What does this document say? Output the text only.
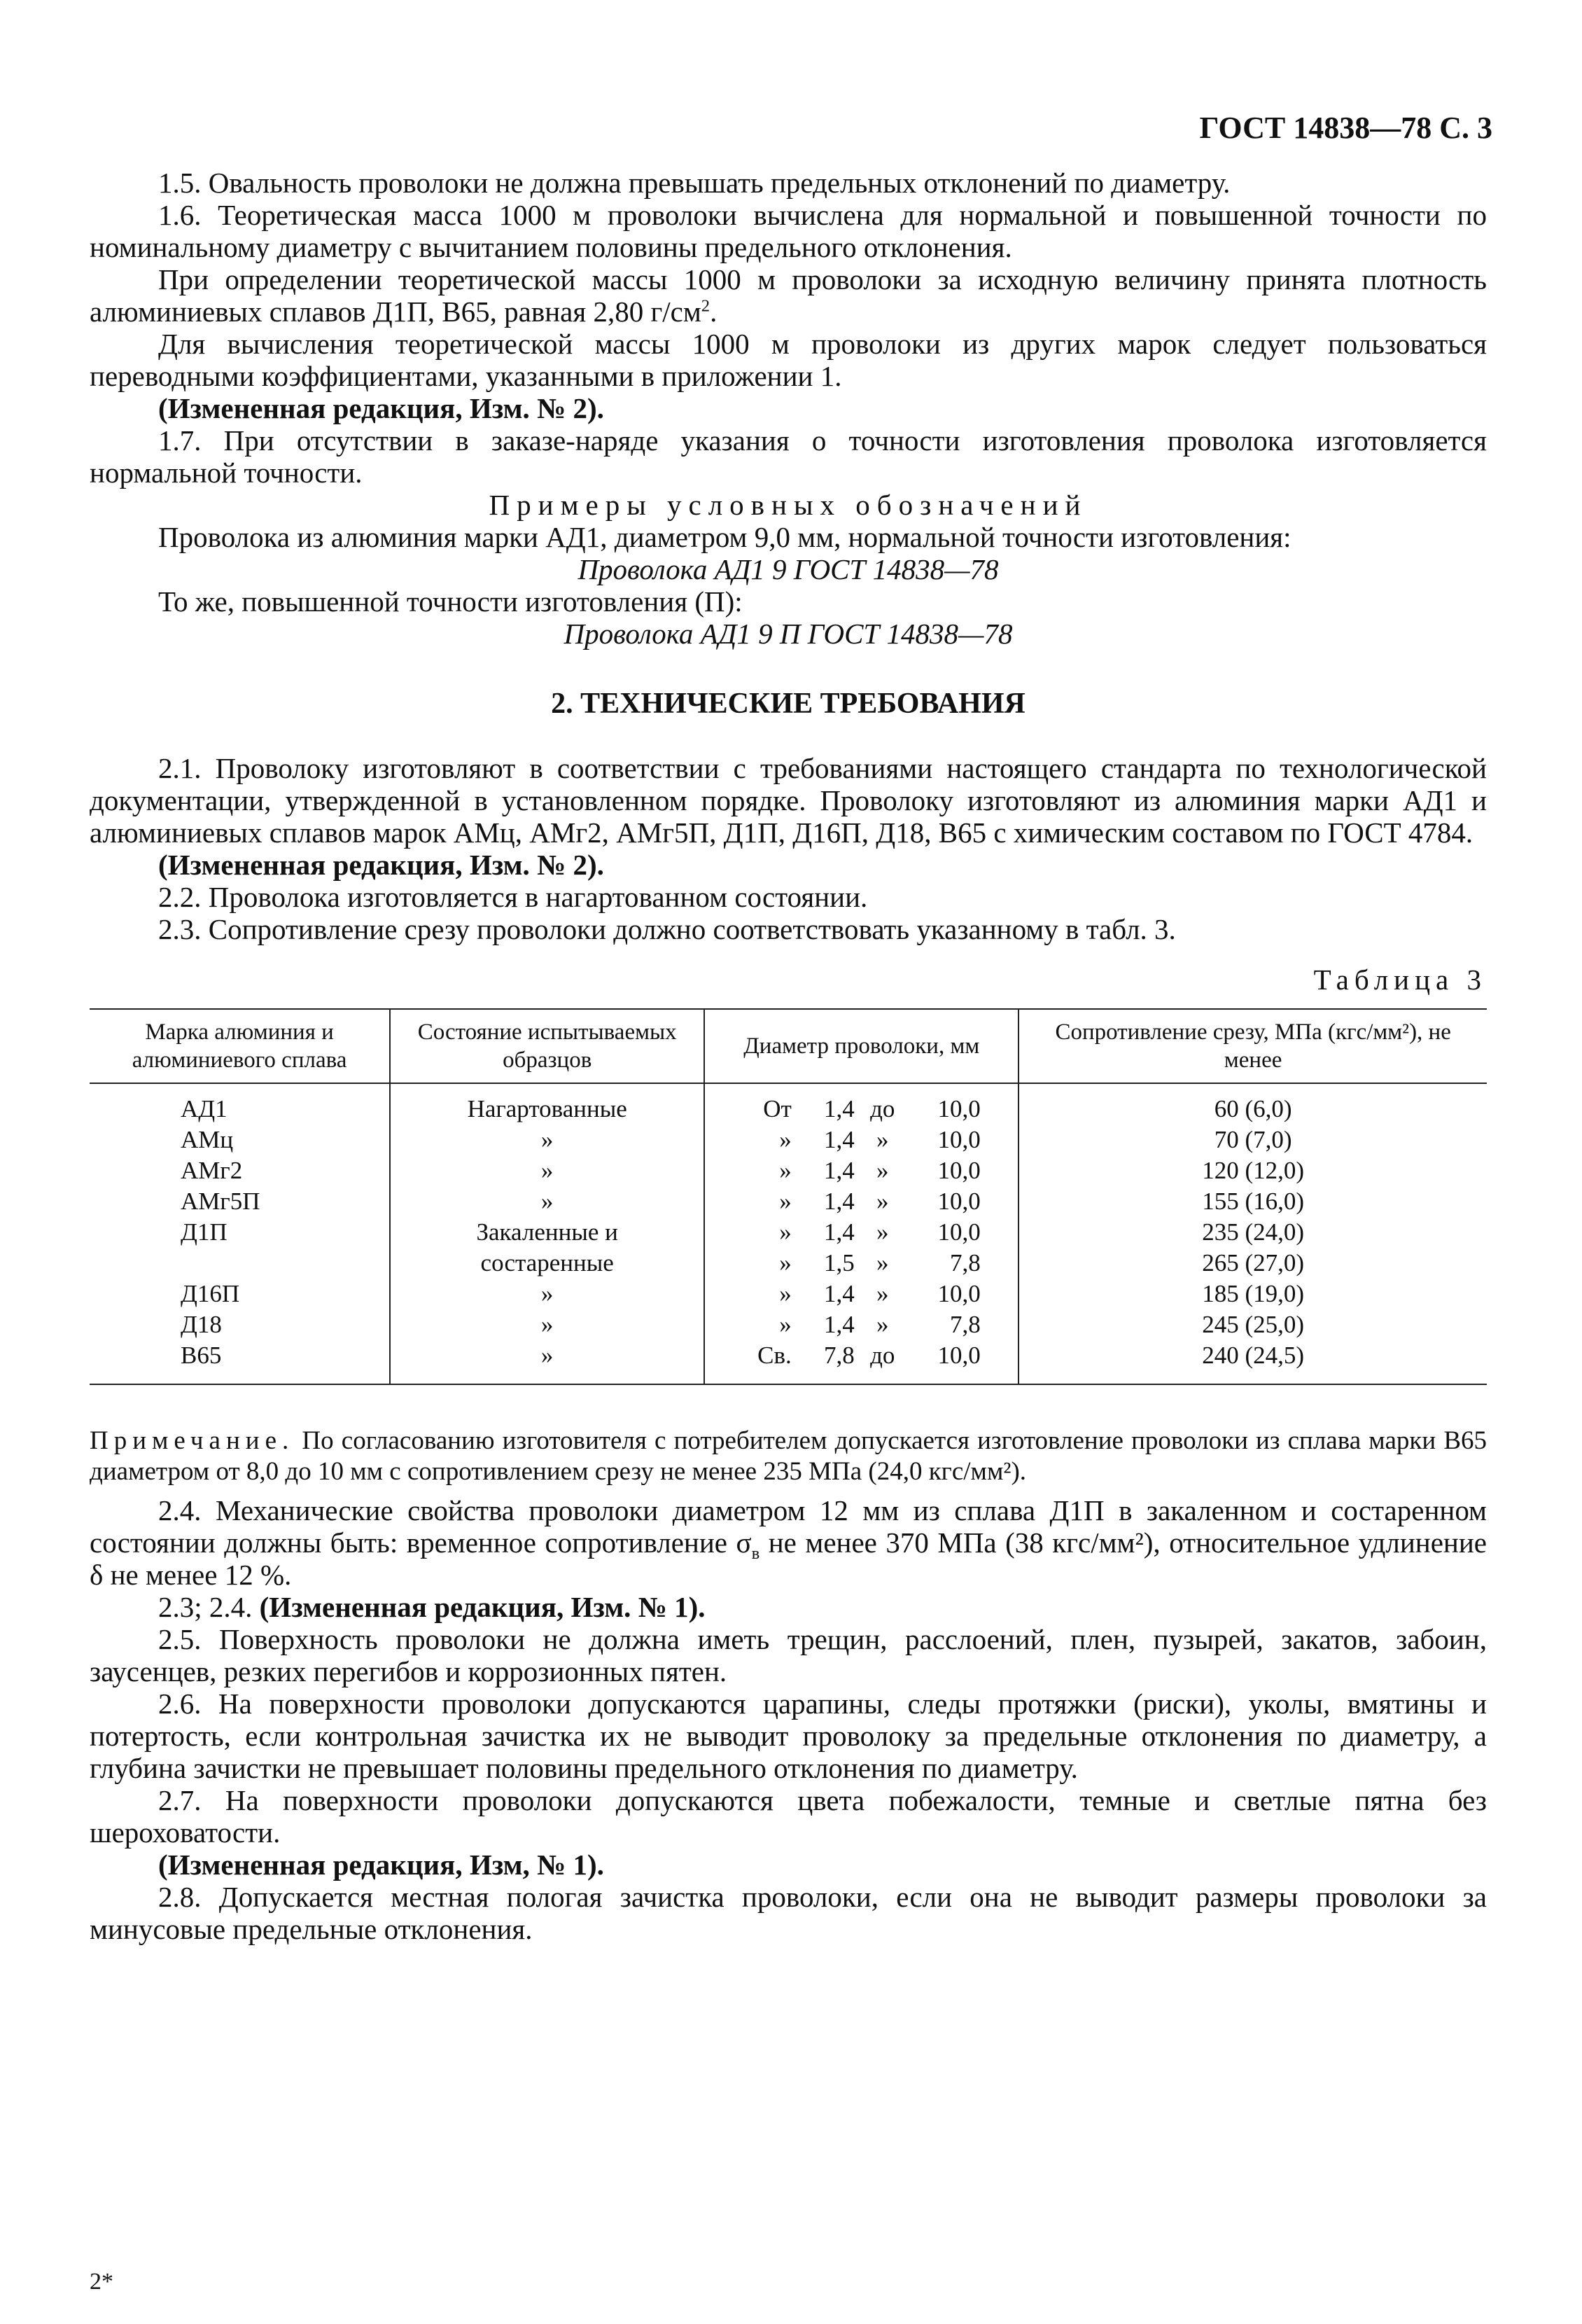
ГОСТ 14838—78 С. 3

1.5. Овальность проволоки не должна превышать предельных отклонений по диаметру.

1.6. Теоретическая масса 1000 м проволоки вычислена для нормальной и повышенной точности по номинальному диаметру с вычитанием половины предельного отклонения.

При определении теоретической массы 1000 м проволоки за исходную величину принята плотность алюминиевых сплавов Д1П, В65, равная 2,80 $г/см^2$.

Для вычисления теоретической массы 1000 м проволоки из других марок следует пользоваться переводными коэффициентами, указанными в приложении 1.

(Измененная редакция, Изм. № 2).

1.7. При отсутствии в заказе-наряде указания о точности изготовления проволока изготовляется нормальной точности.

Примеры условных обозначений

Проволока из алюминия марки АД1, диаметром 9,0 мм, нормальной точности изготовления:

Проволока АД1 9 ГОСТ 14838—78

То же, повышенной точности изготовления (П):

Проволока АД1 9 П ГОСТ 14838—78

2. ТЕХНИЧЕСКИЕ ТРЕБОВАНИЯ

2.1. Проволоку изготовляют в соответствии с требованиями настоящего стандарта по технологической документации, утвержденной в установленном порядке. Проволоку изготовляют из алюминия марки АД1 и алюминиевых сплавов марок АМц, АМг2, АМг5П, Д1П, Д16П, Д18, В65 с химическим составом по ГОСТ 4784.

(Измененная редакция, Изм. № 2).

2.2. Проволока изготовляется в нагартованном состоянии.

2.3. Сопротивление срезу проволоки должно соответствовать указанному в табл. 3.

Таблица 3
Марка алюминия и алюминиевого сплава	Состояние испытываемых образцов	Диаметр проволоки, мм	Сопротивление срезу, МПа (кгс/мм²), не менее
АД1	Нагартованные	От 1,4 до 10,0	60 (6,0)
АМц	»	» 1,4 » 10,0	70 (7,0)
АМг2	»	» 1,4 » 10,0	120 (12,0)
АМг5П	»	» 1,4 » 10,0	155 (16,0)
Д1П	Закаленные и	» 1,4 » 10,0	235 (24,0)
	состаренные	» 1,5 » 7,8	265 (27,0)
Д16П	»	» 1,4 » 10,0	185 (19,0)
Д18	»	» 1,4 » 7,8	245 (25,0)
В65	»	Св. 7,8 до 10,0	240 (24,5)

Примечание. По согласованию изготовителя с потребителем допускается изготовление проволоки из сплава марки В65 диаметром от 8,0 до 10 мм с сопротивлением срезу не менее 235 МПа (24,0 кгс/мм²).

2.4. Механические свойства проволоки диаметром 12 мм из сплава Д1П в закаленном и состаренном состоянии должны быть: временное сопротивление $\sigma_в$ не менее 370 МПа (38 кгс/мм²), относительное удлинение δ не менее 12 %.

2.3; 2.4. (Измененная редакция, Изм. № 1).

2.5. Поверхность проволоки не должна иметь трещин, расслоений, плен, пузырей, закатов, забоин, заусенцев, резких перегибов и коррозионных пятен.

2.6. На поверхности проволоки допускаются царапины, следы протяжки (риски), уколы, вмятины и потертость, если контрольная зачистка их не выводит проволоку за предельные отклонения по диаметру, а глубина зачистки не превышает половины предельного отклонения по диаметру.

2.7. На поверхности проволоки допускаются цвета побежалости, темные и светлые пятна без шероховатости.

(Измененная редакция, Изм, № 1).

2.8. Допускается местная пологая зачистка проволоки, если она не выводит размеры проволоки за минусовые предельные отклонения.

2*
